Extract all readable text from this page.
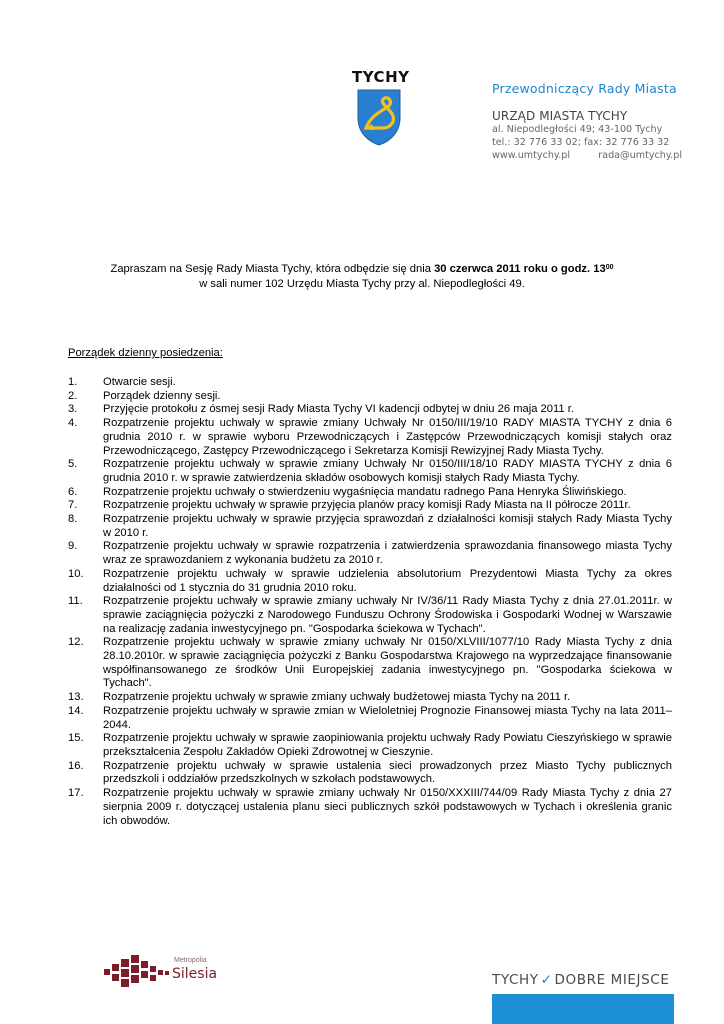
TYCHY
Przewodniczący Rady Miasta
URZĄD MIASTA TYCHY
al. Niepodległości 49; 43-100 Tychy
tel.: 32 776 33 02; fax: 32 776 33 32
www.umtychy.pl	rada@umtychy.pl
Zapraszam na Sesję Rady Miasta Tychy, która odbędzie się dnia 30 czerwca 2011 roku o godz. $13^{00}$
w sali numer 102 Urzędu Miasta Tychy przy al. Niepodległości 49.
Porządek dzienny posiedzenia:
1.	Otwarcie sesji.
2.	Porządek dzienny sesji.
3.	Przyjęcie protokołu z ósmej sesji Rady Miasta Tychy VI kadencji odbytej w dniu 26 maja 2011 r.
4.	Rozpatrzenie projektu uchwały w sprawie zmiany Uchwały Nr 0150/III/19/10 RADY MIASTA TYCHY z dnia 6 grudnia 2010 r. w sprawie wyboru Przewodniczących i Zastępców Przewodniczących komisji stałych oraz Przewodniczącego, Zastępcy Przewodniczącego i Sekretarza Komisji Rewizyjnej Rady Miasta Tychy.
5.	Rozpatrzenie projektu uchwały w sprawie zmiany Uchwały Nr 0150/III/18/10 RADY MIASTA TYCHY z dnia 6 grudnia 2010 r. w sprawie zatwierdzenia składów osobowych komisji stałych Rady Miasta Tychy.
6.	Rozpatrzenie projektu uchwały o stwierdzeniu wygaśnięcia mandatu radnego Pana Henryka Śliwińskiego.
7.	Rozpatrzenie projektu uchwały w sprawie przyjęcia planów pracy komisji Rady Miasta na II półrocze 2011r.
8.	Rozpatrzenie projektu uchwały w sprawie przyjęcia sprawozdań z działalności komisji stałych Rady Miasta Tychy w 2010 r.
9.	Rozpatrzenie projektu uchwały w sprawie rozpatrzenia i zatwierdzenia sprawozdania finansowego miasta Tychy wraz ze sprawozdaniem z wykonania budżetu za 2010 r.
10.	Rozpatrzenie projektu uchwały w sprawie udzielenia absolutorium Prezydentowi Miasta Tychy za okres działalności od 1 stycznia do 31 grudnia 2010 roku.
11.	Rozpatrzenie projektu uchwały w sprawie zmiany uchwały Nr IV/36/11 Rady Miasta Tychy z dnia 27.01.2011r. w sprawie zaciągnięcia pożyczki z Narodowego Funduszu Ochrony Środowiska i Gospodarki Wodnej w Warszawie na realizację zadania inwestycyjnego pn. "Gospodarka ściekowa w Tychach".
12.	Rozpatrzenie projektu uchwały w sprawie zmiany uchwały Nr 0150/XLVIII/1077/10 Rady Miasta Tychy z dnia 28.10.2010r. w sprawie zaciągnięcia pożyczki z Banku Gospodarstwa Krajowego na wyprzedzające finansowanie współfinansowanego ze środków Unii Europejskiej zadania inwestycyjnego pn. "Gospodarka ściekowa w Tychach".
13.	Rozpatrzenie projektu uchwały w sprawie zmiany uchwały budżetowej miasta Tychy na 2011 r.
14.	Rozpatrzenie projektu uchwały w sprawie zmian w Wieloletniej Prognozie Finansowej miasta Tychy na lata 2011–2044.
15.	Rozpatrzenie projektu uchwały w sprawie zaopiniowania projektu uchwały Rady Powiatu Cieszyńskiego w sprawie przekształcenia Zespołu Zakładów Opieki Zdrowotnej w Cieszynie.
16.	Rozpatrzenie projektu uchwały w sprawie ustalenia sieci prowadzonych przez Miasto Tychy publicznych przedszkoli i oddziałów przedszkolnych w szkołach podstawowych.
17.	Rozpatrzenie projektu uchwały w sprawie zmiany uchwały Nr 0150/XXXIII/744/09 Rady Miasta Tychy z dnia 27 sierpnia 2009 r. dotyczącej ustalenia planu sieci publicznych szkół podstawowych w Tychach i określenia granic ich obwodów.
Metropolia
Silesia	TYCHY ✓ DOBRE MIEJSCE
